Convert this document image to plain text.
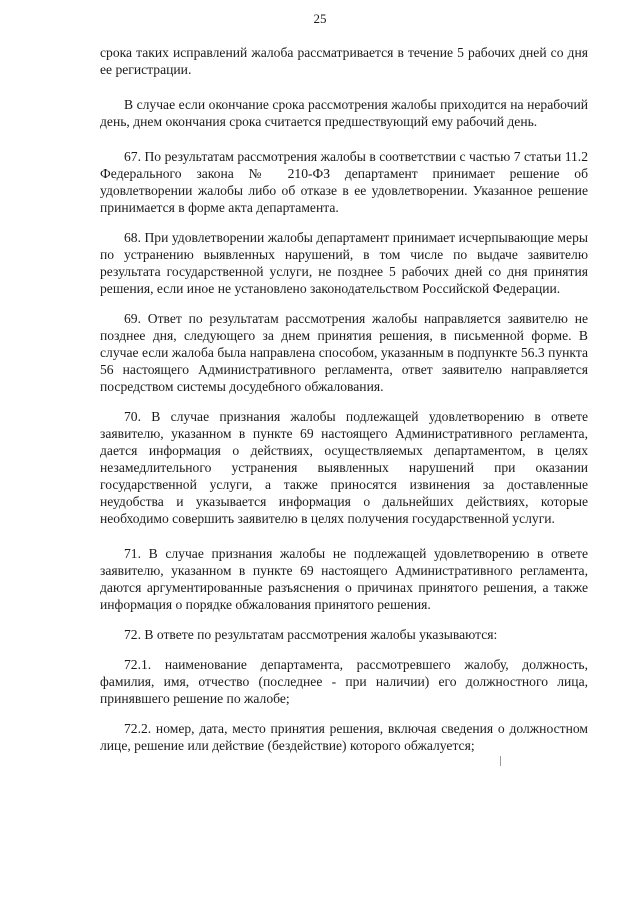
25

срока таких исправлений жалоба рассматривается в течение 5 рабочих дней со дня ее регистрации.

В случае если окончание срока рассмотрения жалобы приходится на нерабочий день, днем окончания срока считается предшествующий ему рабочий день.

67. По результатам рассмотрения жалобы в соответствии с частью 7 статьи 11.2 Федерального закона № 210-ФЗ департамент принимает решение об удовлетворении жалобы либо об отказе в ее удовлетворении. Указанное решение принимается в форме акта департамента.

68. При удовлетворении жалобы департамент принимает исчерпывающие меры по устранению выявленных нарушений, в том числе по выдаче заявителю результата государственной услуги, не позднее 5 рабочих дней со дня принятия решения, если иное не установлено законодательством Российской Федерации.

69. Ответ по результатам рассмотрения жалобы направляется заявителю не позднее дня, следующего за днем принятия решения, в письменной форме. В случае если жалоба была направлена способом, указанным в подпункте 56.3 пункта 56 настоящего Административного регламента, ответ заявителю направляется посредством системы досудебного обжалования.

70. В случае признания жалобы подлежащей удовлетворению в ответе заявителю, указанном в пункте 69 настоящего Административного регламента, дается информация о действиях, осуществляемых департаментом, в целях незамедлительного устранения выявленных нарушений при оказании государственной услуги, а также приносятся извинения за доставленные неудобства и указывается информация о дальнейших действиях, которые необходимо совершить заявителю в целях получения государственной услуги.

71. В случае признания жалобы не подлежащей удовлетворению в ответе заявителю, указанном в пункте 69 настоящего Административного регламента, даются аргументированные разъяснения о причинах принятого решения, а также информация о порядке обжалования принятого решения.

72. В ответе по результатам рассмотрения жалобы указываются:

72.1. наименование департамента, рассмотревшего жалобу, должность, фамилия, имя, отчество (последнее - при наличии) его должностного лица, принявшего решение по жалобе;

72.2. номер, дата, место принятия решения, включая сведения о должностном лице, решение или действие (бездействие) которого обжалуется;
